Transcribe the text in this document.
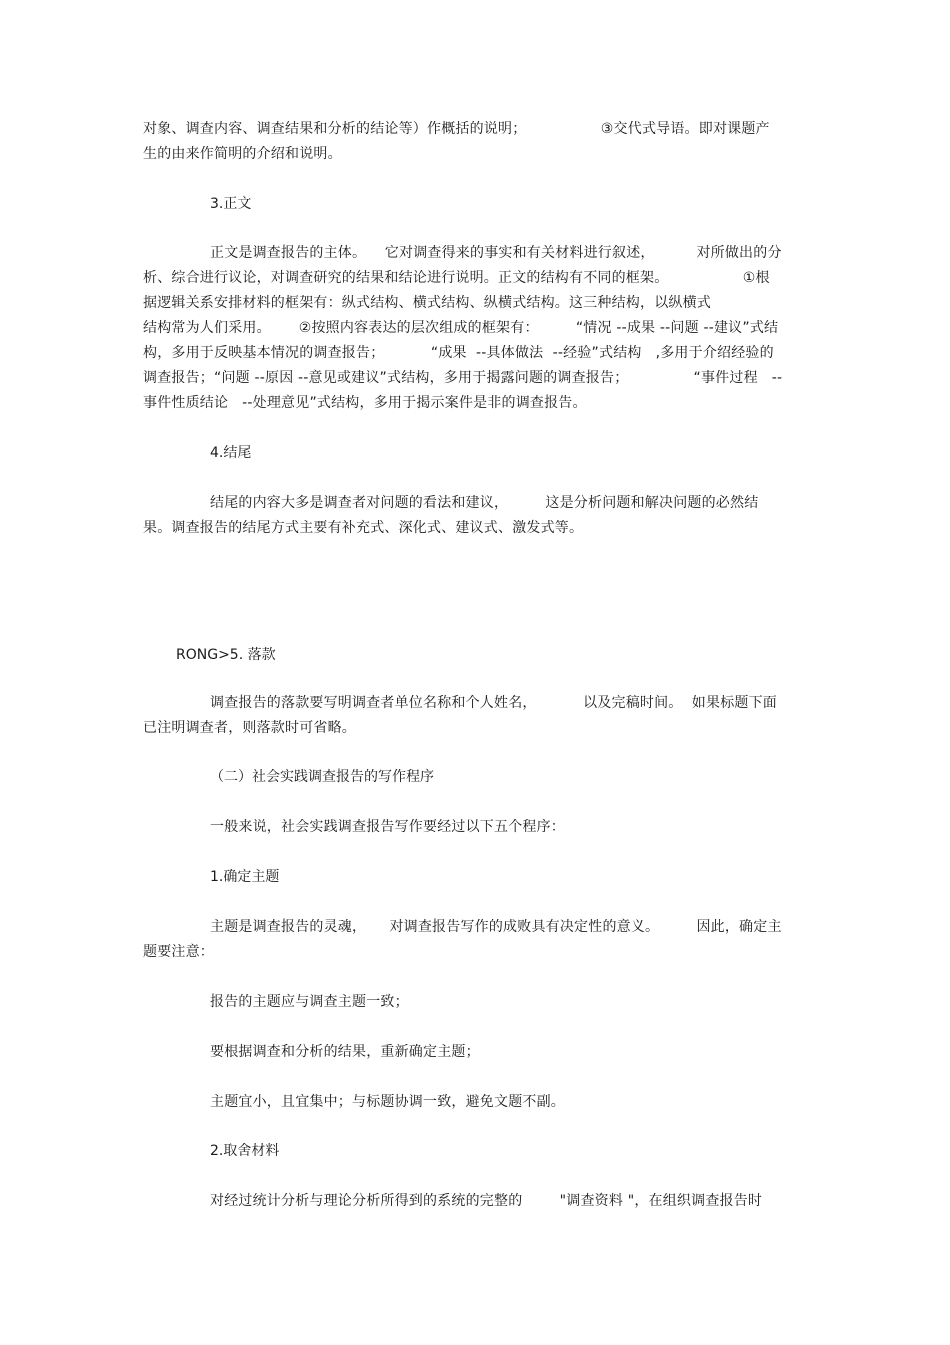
对象、调查内容、调查结果和分析的结论等）作概括的说明；                ③交代式导语。即对课题产
生的由来作简明的介绍和说明。
3.正文
正文是调查报告的主体。    它对调查得来的事实和有关材料进行叙述，         对所做出的分
析、综合进行议论，对调查研究的结果和结论进行说明。正文的结构有不同的框架。                ①根
据逻辑关系安排材料的框架有：纵式结构、横式结构、纵横式结构。这三种结构，以纵横式
结构常为人们采用。      ②按照内容表达的层次组成的框架有：        “情况 --成果 --问题 --建议”式结
构，多用于反映基本情况的调查报告；          “成果  --具体做法  --经验”式结构   ,多用于介绍经验的
调查报告；“问题 --原因 --意见或建议”式结构，多用于揭露问题的调查报告；              “事件过程   --
事件性质结论   --处理意见”式结构，多用于揭示案件是非的调查报告。
4.结尾
结尾的内容大多是调查者对问题的看法和建议，        这是分析问题和解决问题的必然结
果。调查报告的结尾方式主要有补充式、深化式、建议式、激发式等。
RONG>5. 落款
调查报告的落款要写明调查者单位名称和个人姓名，          以及完稿时间。  如果标题下面
已注明调查者，则落款时可省略。
（二）社会实践调查报告的写作程序
一般来说，社会实践调查报告写作要经过以下五个程序：
1.确定主题
主题是调查报告的灵魂，     对调查报告写作的成败具有决定性的意义。        因此，确定主
题要注意：
报告的主题应与调查主题一致；
要根据调查和分析的结果，重新确定主题；
主题宜小，且宜集中；与标题协调一致，避免文题不副。
2.取舍材料
对经过统计分析与理论分析所得到的系统的完整的        "调查资料 "，在组织调查报告时
